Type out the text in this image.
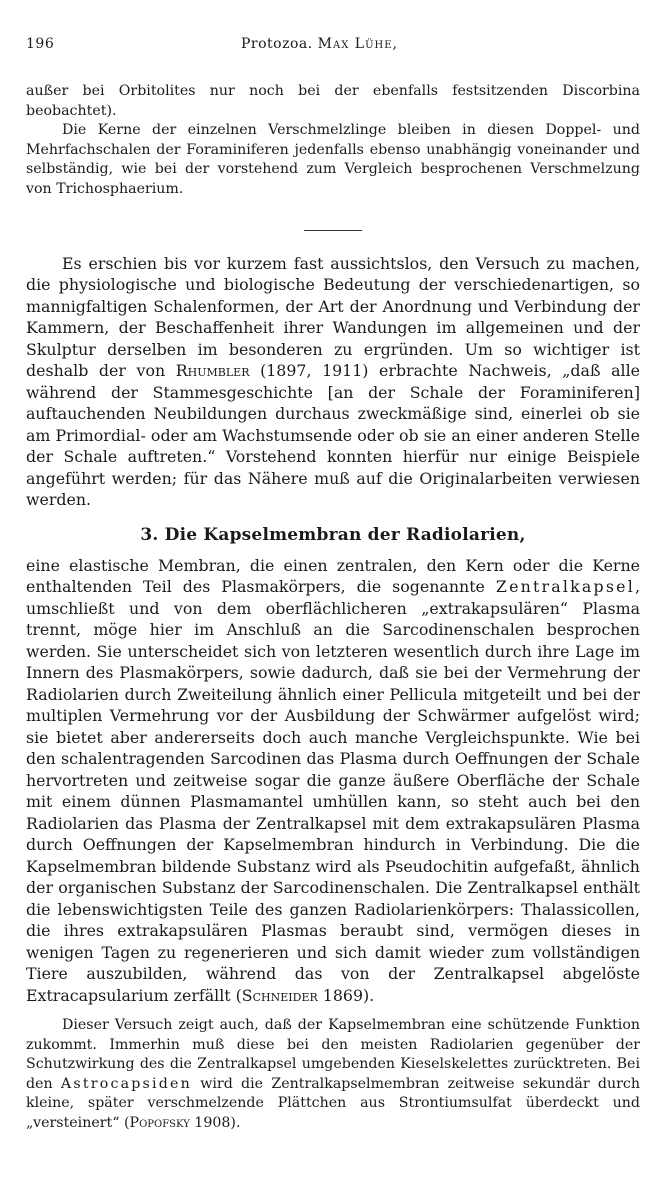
196	Protozoa. Max Lühe,

außer bei Orbitolites nur noch bei der ebenfalls festsitzenden Discorbina beobachtet).

Die Kerne der einzelnen Verschmelzlinge bleiben in diesen Doppel- und Mehrfachschalen der Foraminiferen jedenfalls ebenso unabhängig voneinander und selbständig, wie bei der vorstehend zum Vergleich besprochenen Verschmelzung von Trichosphaerium.

Es erschien bis vor kurzem fast aussichtslos, den Versuch zu machen, die physiologische und biologische Bedeutung der verschiedenartigen, so mannigfaltigen Schalenformen, der Art der Anordnung und Verbindung der Kammern, der Beschaffenheit ihrer Wandungen im allgemeinen und der Skulptur derselben im besonderen zu ergründen. Um so wichtiger ist deshalb der von Rhumbler (1897, 1911) erbrachte Nachweis, „daß alle während der Stammesgeschichte [an der Schale der Foraminiferen] auftauchenden Neubildungen durchaus zweckmäßige sind, einerlei ob sie am Primordial- oder am Wachstumsende oder ob sie an einer anderen Stelle der Schale auftreten.“ Vorstehend konnten hierfür nur einige Beispiele angeführt werden; für das Nähere muß auf die Originalarbeiten verwiesen werden.

3. Die Kapselmembran der Radiolarien,

eine elastische Membran, die einen zentralen, den Kern oder die Kerne enthaltenden Teil des Plasmakörpers, die sogenannte Zentralkapsel, umschließt und von dem oberflächlicheren „extrakapsulären“ Plasma trennt, möge hier im Anschluß an die Sarcodinenschalen besprochen werden. Sie unterscheidet sich von letzteren wesentlich durch ihre Lage im Innern des Plasmakörpers, sowie dadurch, daß sie bei der Vermehrung der Radiolarien durch Zweiteilung ähnlich einer Pellicula mitgeteilt und bei der multiplen Vermehrung vor der Ausbildung der Schwärmer aufgelöst wird; sie bietet aber andererseits doch auch manche Vergleichspunkte. Wie bei den schalentragenden Sarcodinen das Plasma durch Oeffnungen der Schale hervortreten und zeitweise sogar die ganze äußere Oberfläche der Schale mit einem dünnen Plasmamantel umhüllen kann, so steht auch bei den Radiolarien das Plasma der Zentralkapsel mit dem extrakapsulären Plasma durch Oeffnungen der Kapselmembran hindurch in Verbindung. Die die Kapselmembran bildende Substanz wird als Pseudochitin aufgefaßt, ähnlich der organischen Substanz der Sarcodinenschalen. Die Zentralkapsel enthält die lebenswichtigsten Teile des ganzen Radiolarienkörpers: Thalassicollen, die ihres extrakapsulären Plasmas beraubt sind, vermögen dieses in wenigen Tagen zu regenerieren und sich damit wieder zum vollständigen Tiere auszubilden, während das von der Zentralkapsel abgelöste Extracapsularium zerfällt (Schneider 1869).

Dieser Versuch zeigt auch, daß der Kapselmembran eine schützende Funktion zukommt. Immerhin muß diese bei den meisten Radiolarien gegenüber der Schutzwirkung des die Zentralkapsel umgebenden Kieselskelettes zurücktreten. Bei den Astrocapsiden wird die Zentralkapselmembran zeitweise sekundär durch kleine, später verschmelzende Plättchen aus Strontiumsulfat überdeckt und „versteinert“ (Popofsky 1908).
